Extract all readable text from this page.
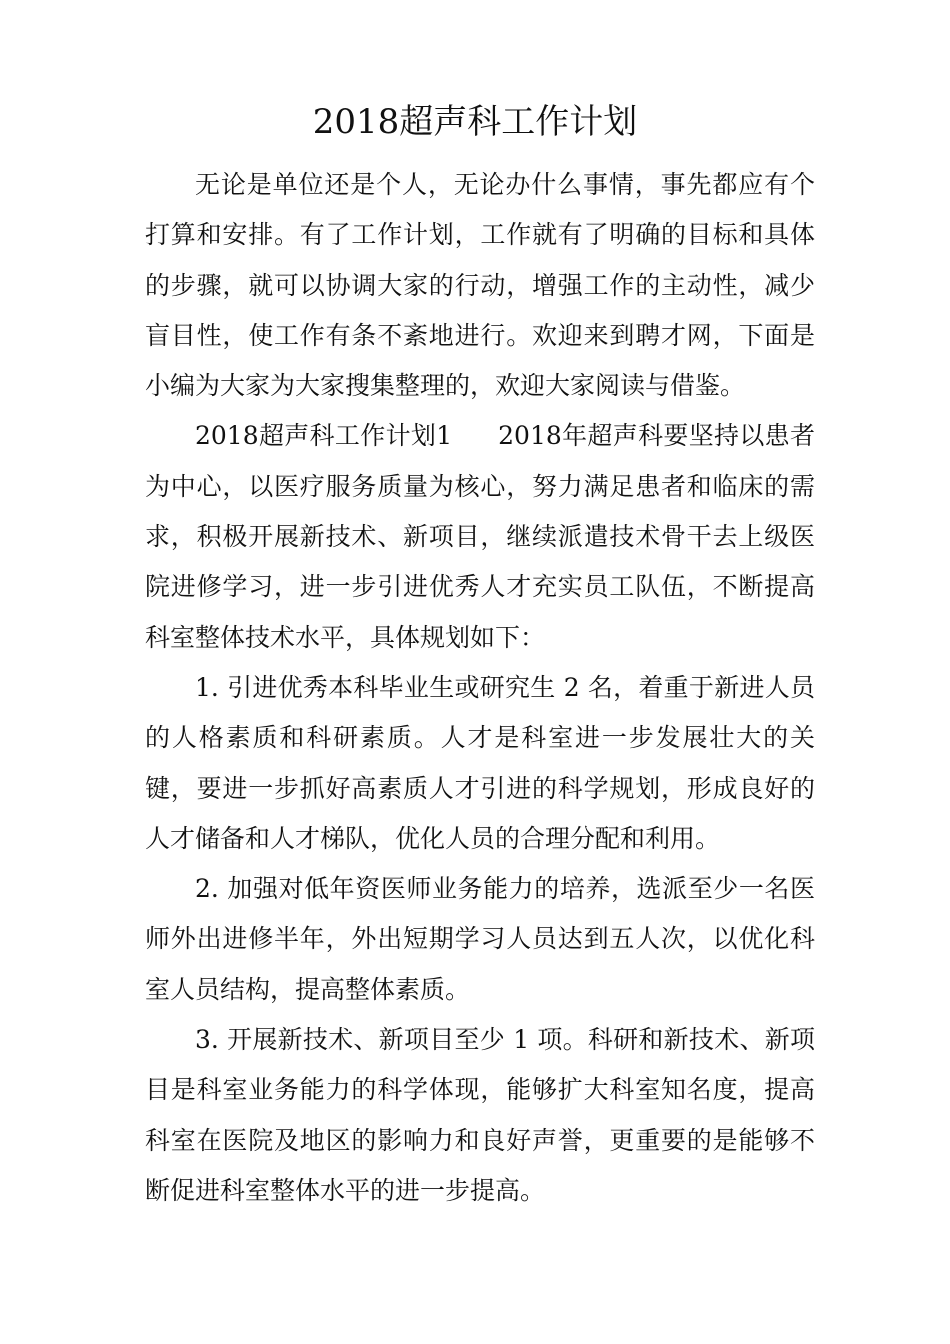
2018超声科工作计划

无论是单位还是个人，无论办什么事情，事先都应有个打算和安排。有了工作计划，工作就有了明确的目标和具体的步骤，就可以协调大家的行动，增强工作的主动性，减少盲目性，使工作有条不紊地进行。欢迎来到聘才网，下面是小编为大家为大家搜集整理的，欢迎大家阅读与借鉴。

2018超声科工作计划1 2018年超声科要坚持以患者为中心，以医疗服务质量为核心，努力满足患者和临床的需求，积极开展新技术、新项目，继续派遣技术骨干去上级医院进修学习，进一步引进优秀人才充实员工队伍，不断提高科室整体技术水平，具体规划如下：

1. 引进优秀本科毕业生或研究生 2 名，着重于新进人员的人格素质和科研素质。人才是科室进一步发展壮大的关键，要进一步抓好高素质人才引进的科学规划，形成良好的人才储备和人才梯队，优化人员的合理分配和利用。

2. 加强对低年资医师业务能力的培养，选派至少一名医师外出进修半年，外出短期学习人员达到五人次，以优化科室人员结构，提高整体素质。

3. 开展新技术、新项目至少 1 项。科研和新技术、新项目是科室业务能力的科学体现，能够扩大科室知名度，提高科室在医院及地区的影响力和良好声誉，更重要的是能够不断促进科室整体水平的进一步提高。
